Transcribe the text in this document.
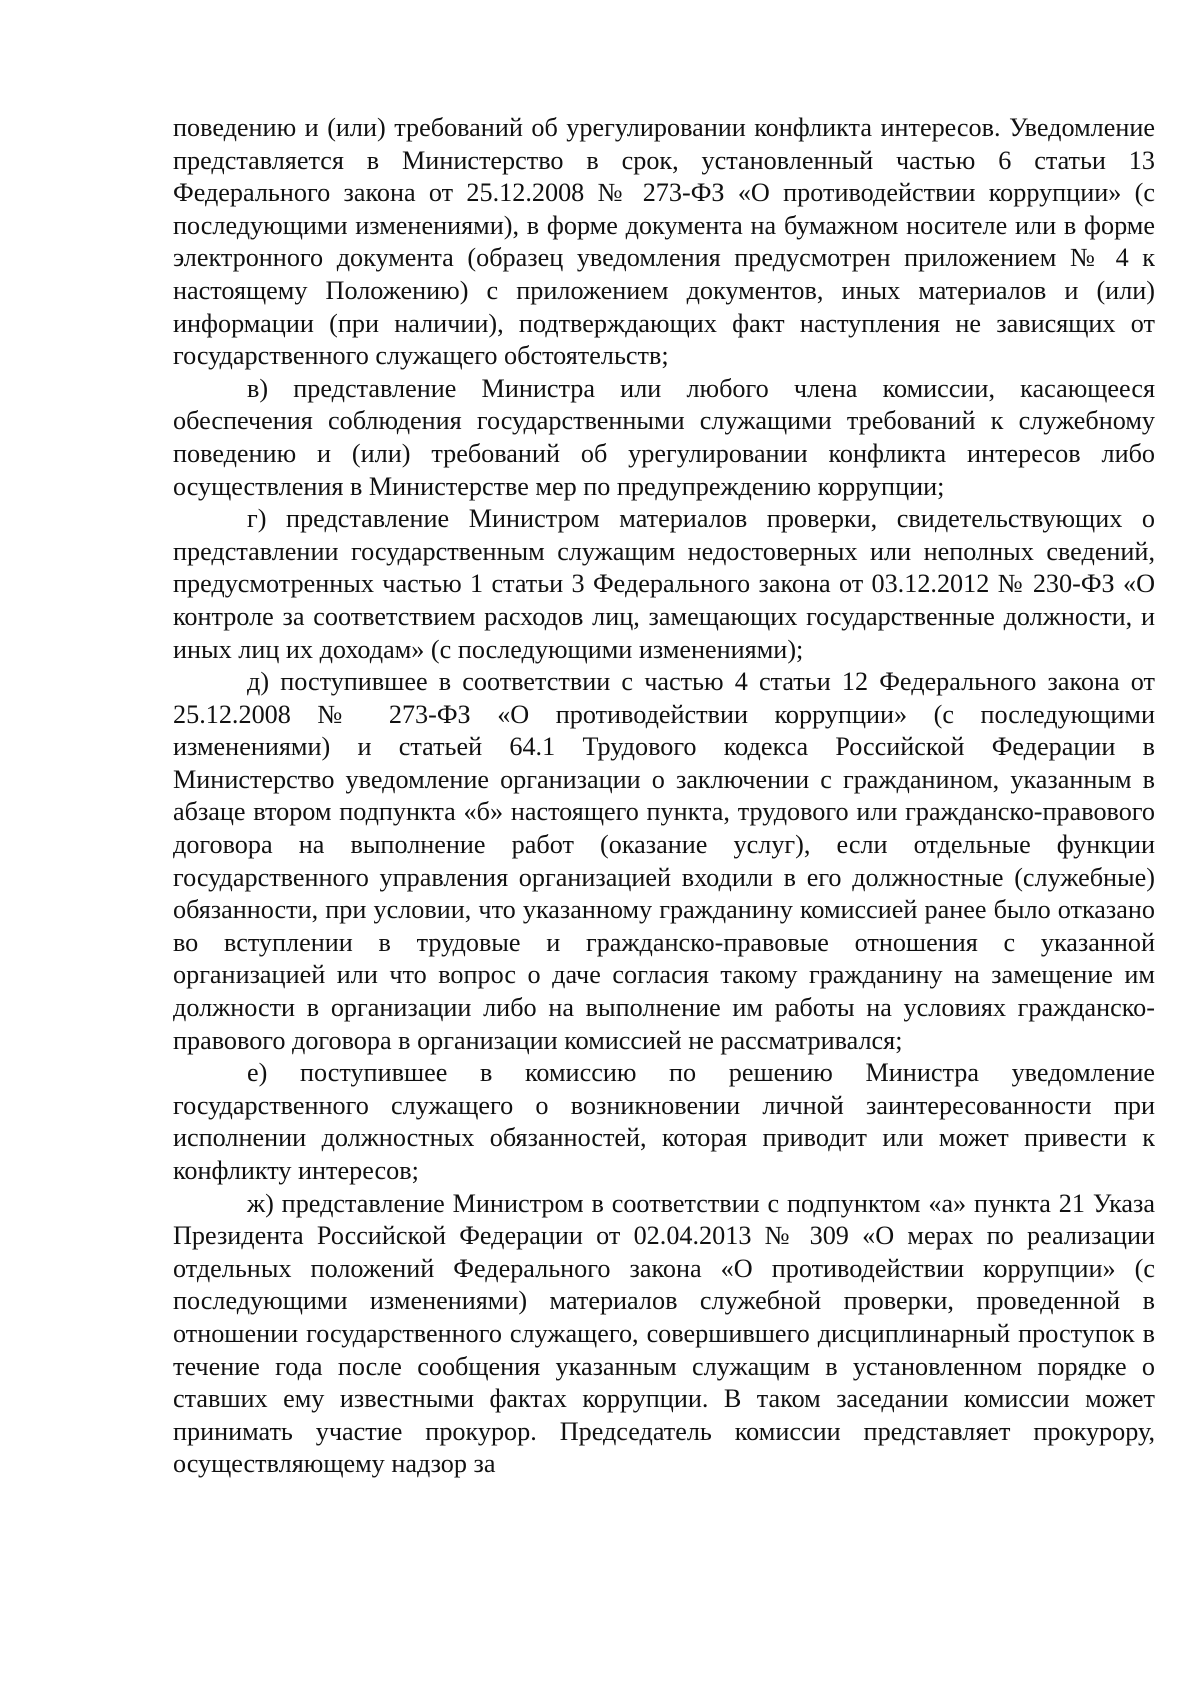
поведению и (или) требований об урегулировании конфликта интересов. Уведомление представляется в Министерство в срок, установленный частью 6 статьи 13 Федерального закона от 25.12.2008 № 273-ФЗ «О противодействии коррупции» (с последующими изменениями), в форме документа на бумажном носителе или в форме электронного документа (образец уведомления предусмотрен приложением № 4 к настоящему Положению) с приложением документов, иных материалов и (или) информации (при наличии), подтверждающих факт наступления не зависящих от государственного служащего обстоятельств;

в) представление Министра или любого члена комиссии, касающееся обеспечения соблюдения государственными служащими требований к служебному поведению и (или) требований об урегулировании конфликта интересов либо осуществления в Министерстве мер по предупреждению коррупции;

г) представление Министром материалов проверки, свидетельствующих о представлении государственным служащим недостоверных или неполных сведений, предусмотренных частью 1 статьи 3 Федерального закона от 03.12.2012 № 230-ФЗ «О контроле за соответствием расходов лиц, замещающих государственные должности, и иных лиц их доходам» (с последующими изменениями);

д) поступившее в соответствии с частью 4 статьи 12 Федерального закона от 25.12.2008 № 273-ФЗ «О противодействии коррупции» (с последующими изменениями) и статьей 64.1 Трудового кодекса Российской Федерации в Министерство уведомление организации о заключении с гражданином, указанным в абзаце втором подпункта «б» настоящего пункта, трудового или гражданско-правового договора на выполнение работ (оказание услуг), если отдельные функции государственного управления организацией входили в его должностные (служебные) обязанности, при условии, что указанному гражданину комиссией ранее было отказано во вступлении в трудовые и гражданско-правовые отношения с указанной организацией или что вопрос о даче согласия такому гражданину на замещение им должности в организации либо на выполнение им работы на условиях гражданско-правового договора в организации комиссией не рассматривался;

е) поступившее в комиссию по решению Министра уведомление государственного служащего о возникновении личной заинтересованности при исполнении должностных обязанностей, которая приводит или может привести к конфликту интересов;

ж) представление Министром в соответствии с подпунктом «а» пункта 21 Указа Президента Российской Федерации от 02.04.2013 № 309 «О мерах по реализации отдельных положений Федерального закона «О противодействии коррупции» (с последующими изменениями) материалов служебной проверки, проведенной в отношении государственного служащего, совершившего дисциплинарный проступок в течение года после сообщения указанным служащим в установленном порядке о ставших ему известными фактах коррупции. В таком заседании комиссии может принимать участие прокурор. Председатель комиссии представляет прокурору, осуществляющему надзор за
